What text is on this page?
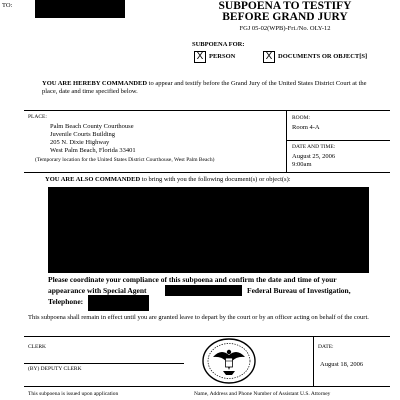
TO:	SUBPOENA TO TESTIFY
BEFORE GRAND JURY
FGJ 05-02(WPB)-Fri./No. OLY-12
SUBPOENA FOR:
X PERSON	X DOCUMENTS OR OBJECT[S]
YOU ARE HEREBY COMMANDED to appear and testify before the Grand Jury of the United States District Court at the place, date and time specified below.
PLACE:
Palm Beach County Courthouse
Juvenile Courts Building
205 N. Dixie Highway
West Palm Beach, Florida 33401
(Temporary location for the United States District Courthouse, West Palm Beach)
ROOM:
Room 4-A
DATE AND TIME:
August 25, 2006
9:00am
YOU ARE ALSO COMMANDED to bring with you the following document(s) or object(s):
Please coordinate your compliance of this subpoena and confirm the date and time of your
appearance with Special Agent	Federal Bureau of Investigation,
Telephone:
This subpoena shall remain in effect until you are granted leave to depart by the court or by an officer acting on behalf of the court.
CLERK
(BY) DEPUTY CLERK
DATE:
August 18, 2006
This subpoena is issued upon application	Name, Address and Phone Number of Assistant U.S. Attorney
